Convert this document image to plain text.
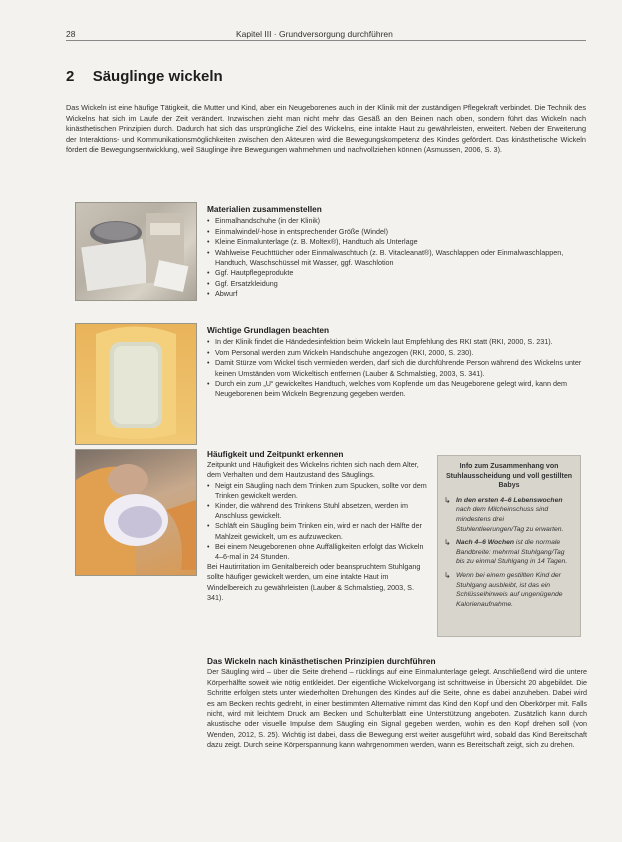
28	Kapitel III · Grundversorgung durchführen
2 Säuglinge wickeln
Das Wickeln ist eine häufige Tätigkeit, die Mutter und Kind, aber ein Neugeborenes auch in der Klinik mit der zuständigen Pflegekraft verbindet. Die Technik des Wickelns hat sich im Laufe der Zeit verändert. Inzwischen zieht man nicht mehr das Gesäß an den Beinen nach oben, sondern führt das Wickeln nach kinästhetischen Prinzipien durch. Dadurch hat sich das ursprüngliche Ziel des Wickelns, eine intakte Haut zu gewährleisten, erweitert. Neben der Erweiterung der Interaktions- und Kommunikationsmöglichkeiten zwischen den Akteuren wird die Bewegungskompetenz des Kindes gefördert. Das kinästhetische Wickeln fördert die Bewegungsentwicklung, weil Säuglinge ihre Bewegungen wahrnehmen und nachvollziehen können (Asmussen, 2006, S. 3).
Materialien zusammenstellen
• Einmalhandschuhe (in der Klinik)
• Einmalwindel/-hose in entsprechender Größe (Windel)
• Kleine Einmalunterlage (z. B. Moltex®), Handtuch als Unterlage
• Wahlweise Feuchttücher oder Einmalwaschtuch (z. B. Vitacleanat®), Waschlappen oder Einmalwaschlappen, Handtuch, Waschschüssel mit Wasser, ggf. Waschlotion
• Ggf. Hautpflegeprodukte
• Ggf. Ersatzkleidung
• Abwurf
Wichtige Grundlagen beachten
• In der Klinik findet die Händedesinfektion beim Wickeln laut Empfehlung des RKI statt (RKI, 2000, S. 231).
• Vom Personal werden zum Wickeln Handschuhe angezogen (RKI, 2000, S. 230).
• Damit Stürze vom Wickel tisch vermieden werden, darf sich die durchführende Person während des Wickelns unter keinen Umständen vom Wickeltisch entfernen (Lauber & Schmalstieg, 2003, S. 341).
• Durch ein zum „U“ gewickeltes Handtuch, welches vom Kopfende um das Neugeborene gelegt wird, kann dem Neugeborenen beim Wickeln Begrenzung gegeben werden.
Häufigkeit und Zeitpunkt erkennen
Zeitpunkt und Häufigkeit des Wickelns richten sich nach dem Alter, dem Verhalten und dem Hautzustand des Säuglings.
• Neigt ein Säugling nach dem Trinken zum Spucken, sollte vor dem Trinken gewickelt werden.
• Kinder, die während des Trinkens Stuhl absetzen, werden im Anschluss gewickelt.
• Schläft ein Säugling beim Trinken ein, wird er nach der Hälfte der Mahlzeit gewickelt, um es aufzuwecken.
• Bei einem Neugeborenen ohne Auffälligkeiten erfolgt das Wickeln 4–6-mal in 24 Stunden.
Bei Hautirritation im Genitalbereich oder beanspruchtem Stuhlgang sollte häufiger gewickelt werden, um eine intakte Haut im Windelbereich zu gewährleisten (Lauber & Schmalstieg, 2003, S. 341).
Info zum Zusammenhang von Stuhlausscheidung und voll gestillten Babys
↳ In den ersten 4–6 Lebenswochen nach dem Milcheinschuss sind mindestens drei Stuhlentleerungen/Tag zu erwarten.
↳ Nach 4–6 Wochen ist die normale Bandbreite: mehrmal Stuhlgang/Tag bis zu einmal Stuhlgang in 14 Tagen.
↳ Wenn bei einem gestillten Kind der Stuhlgang ausbleibt, ist das ein Schlüsselhinweis auf ungenügende Kalorienaufnahme.
Das Wickeln nach kinästhetischen Prinzipien durchführen
Der Säugling wird – über die Seite drehend – rücklings auf eine Einmalunterlage gelegt. Anschließend wird die untere Körperhälfte soweit wie nötig entkleidet. Der eigentliche Wickelvorgang ist schrittweise in Übersicht 20 abgebildet. Die Schritte erfolgen stets unter wiederholten Drehungen des Kindes auf die Seite, ohne es dabei anzuheben. Dabei wird es am Becken rechts gedreht, in einer bestimmten Alternative nimmt das Kind den Kopf und den Oberkörper mit. Falls nicht, wird mit leichtem Druck am Becken und Schulterblatt eine Unterstützung angeboten. Zusätzlich kann durch akustische oder visuelle Impulse dem Säugling ein Signal gegeben werden, wohin es den Kopf drehen soll (von Wenden, 2012, S. 25). Wichtig ist dabei, dass die Bewegung erst weiter ausgeführt wird, sobald das Kind Bereitschaft dazu zeigt. Durch seine Körperspannung kann wahrgenommen werden, wann es Bereitschaft zeigt, sich zu drehen.
